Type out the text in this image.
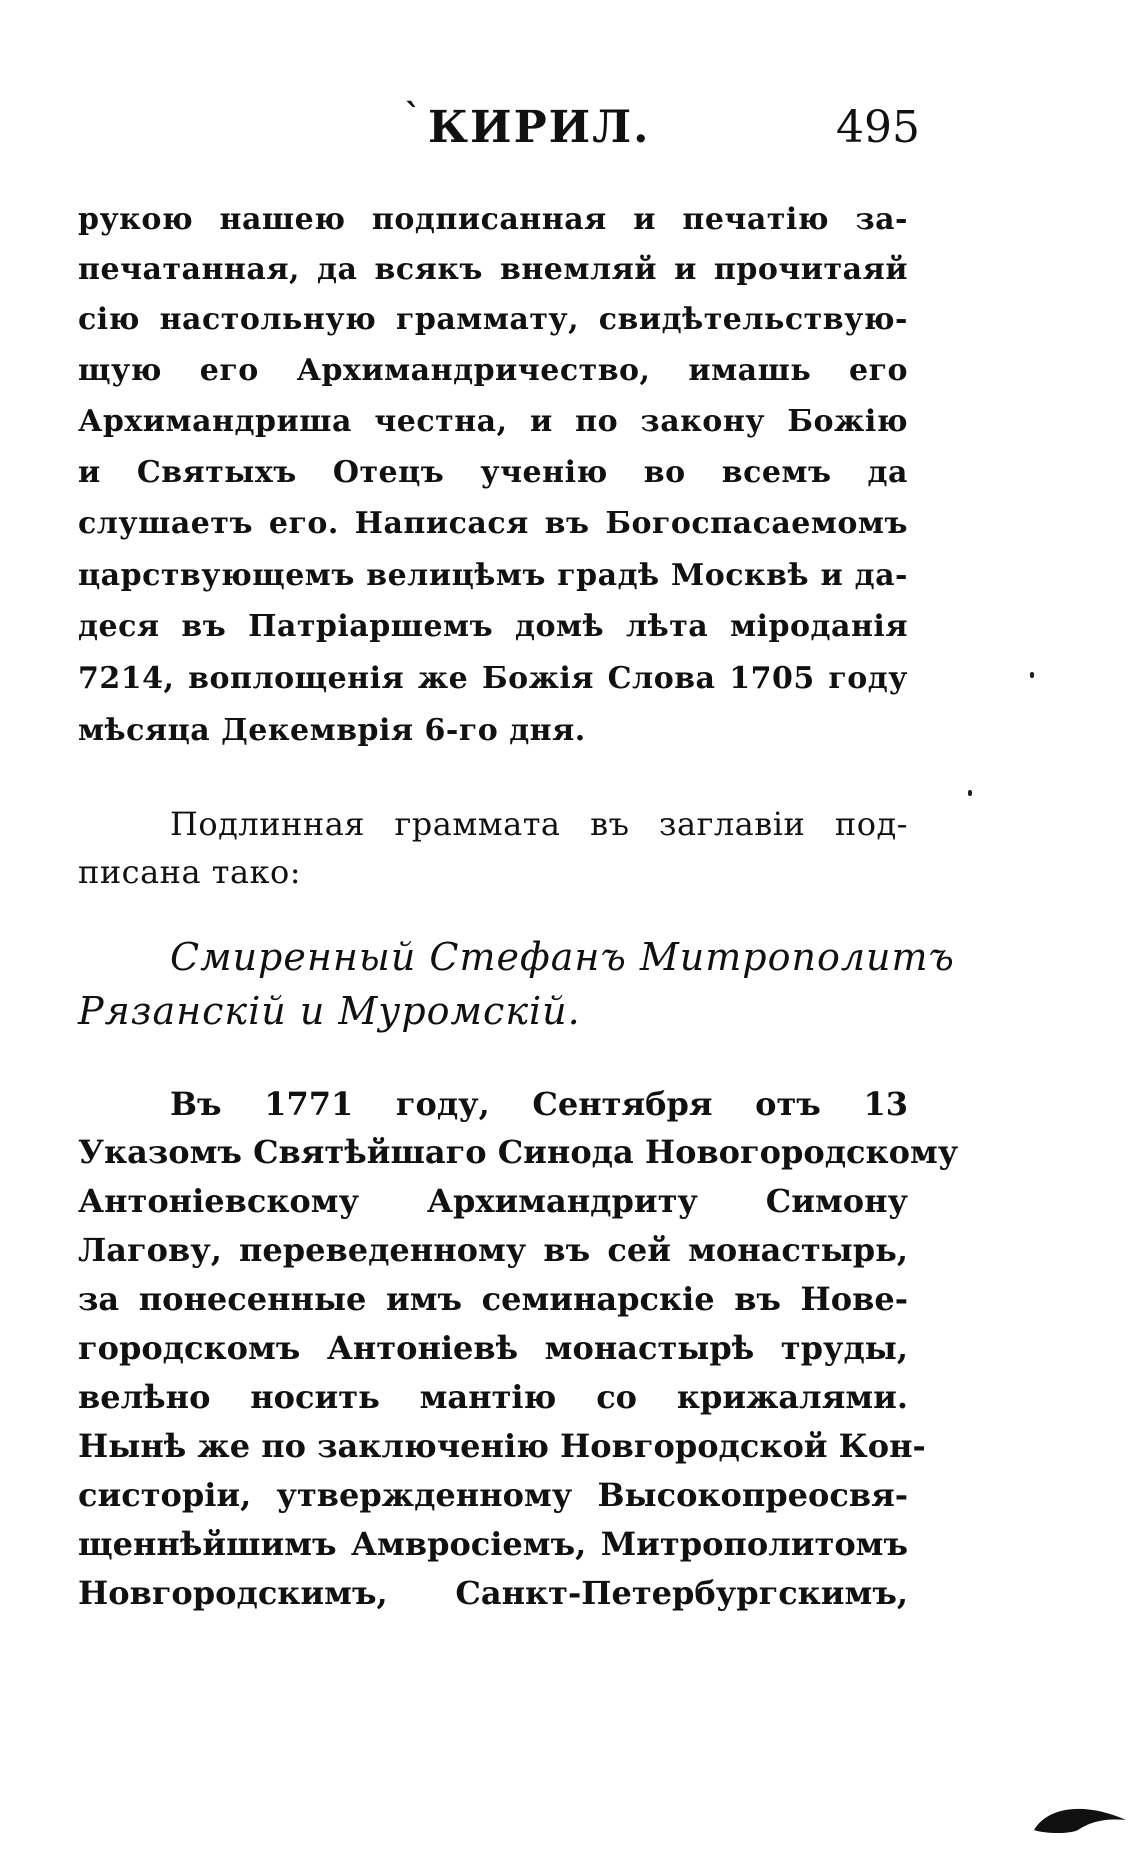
` КИРИЛ.	495
рукою нашею подписанная и печатію за-
печатанная, да всякъ внемляй и прочитаяй
сію настольную граммату, свидѣтельствую-
щую его Архимандричество, имашь его
Архимандриша честна, и по закону Божію
и Святыхъ Отецъ ученію во всемъ да
слушаетъ его. Написася въ Богоспасаемомъ
царствующемъ велицѣмъ градѣ Москвѣ и да-
деся въ Патріаршемъ домѣ лѣта міроданія
7214, воплощенія же Божія Слова 1705 году
мѣсяца Декемврія 6-го дня.
Подлинная граммата въ заглавіи под-
писана тако:
Смиренный Стефанъ Митрополитъ
Рязанскій и Муромскій.
Въ 1771 году, Сентября отъ 13
Указомъ Святѣйшаго Синода Новогородскому
Антоніевскому Архимандриту Симону
Лагову, переведенному въ сей монастырь,
за понесенные имъ семинарскіе въ Нове-
городскомъ Антоніевѣ монастырѣ труды,
велѣно носить мантію со крижалями.
Нынѣ же по заключенію Новгородской Кон-
систоріи, утвержденному Высокопреосвя-
щеннѣйшимъ Амвросіемъ, Митрополитомъ
Новгородскимъ, Санкт-Петербургскимъ,
